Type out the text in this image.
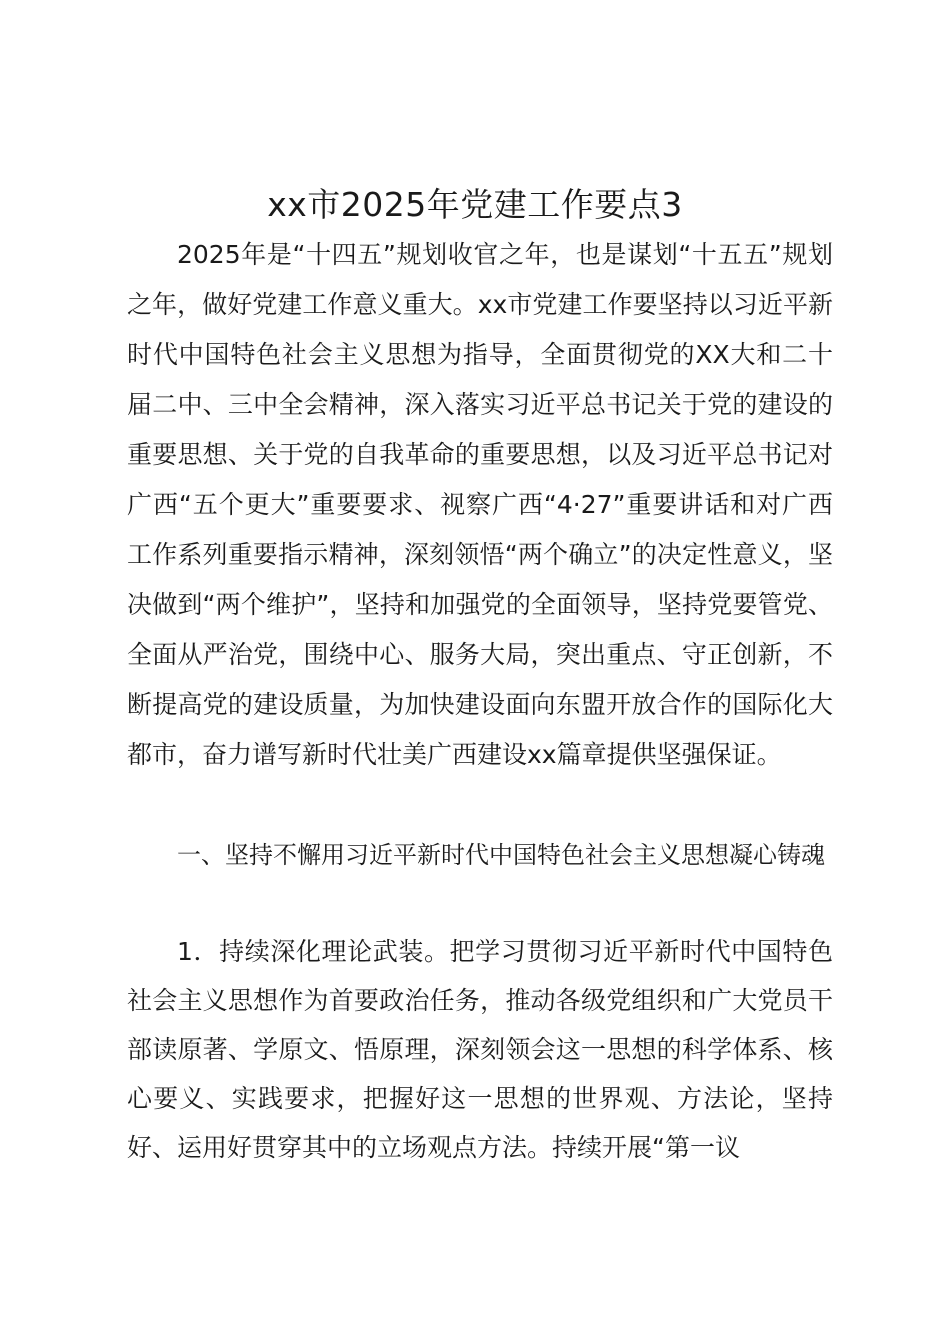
xx市2025年党建工作要点3

2025年是“十四五”规划收官之年，也是谋划“十五五”规划之年，做好党建工作意义重大。xx市党建工作要坚持以习近平新时代中国特色社会主义思想为指导，全面贯彻党的XX大和二十届二中、三中全会精神，深入落实习近平总书记关于党的建设的重要思想、关于党的自我革命的重要思想，以及习近平总书记对广西“五个更大”重要要求、视察广西“4·27”重要讲话和对广西工作系列重要指示精神，深刻领悟“两个确立”的决定性意义，坚决做到“两个维护”，坚持和加强党的全面领导，坚持党要管党、全面从严治党，围绕中心、服务大局，突出重点、守正创新，不断提高党的建设质量，为加快建设面向东盟开放合作的国际化大都市，奋力谱写新时代壮美广西建设xx篇章提供坚强保证。

一、坚持不懈用习近平新时代中国特色社会主义思想凝心铸魂

1．持续深化理论武装。把学习贯彻习近平新时代中国特色社会主义思想作为首要政治任务，推动各级党组织和广大党员干部读原著、学原文、悟原理，深刻领会这一思想的科学体系、核心要义、实践要求，把握好这一思想的世界观、方法论，坚持好、运用好贯穿其中的立场观点方法。持续开展“第一议
